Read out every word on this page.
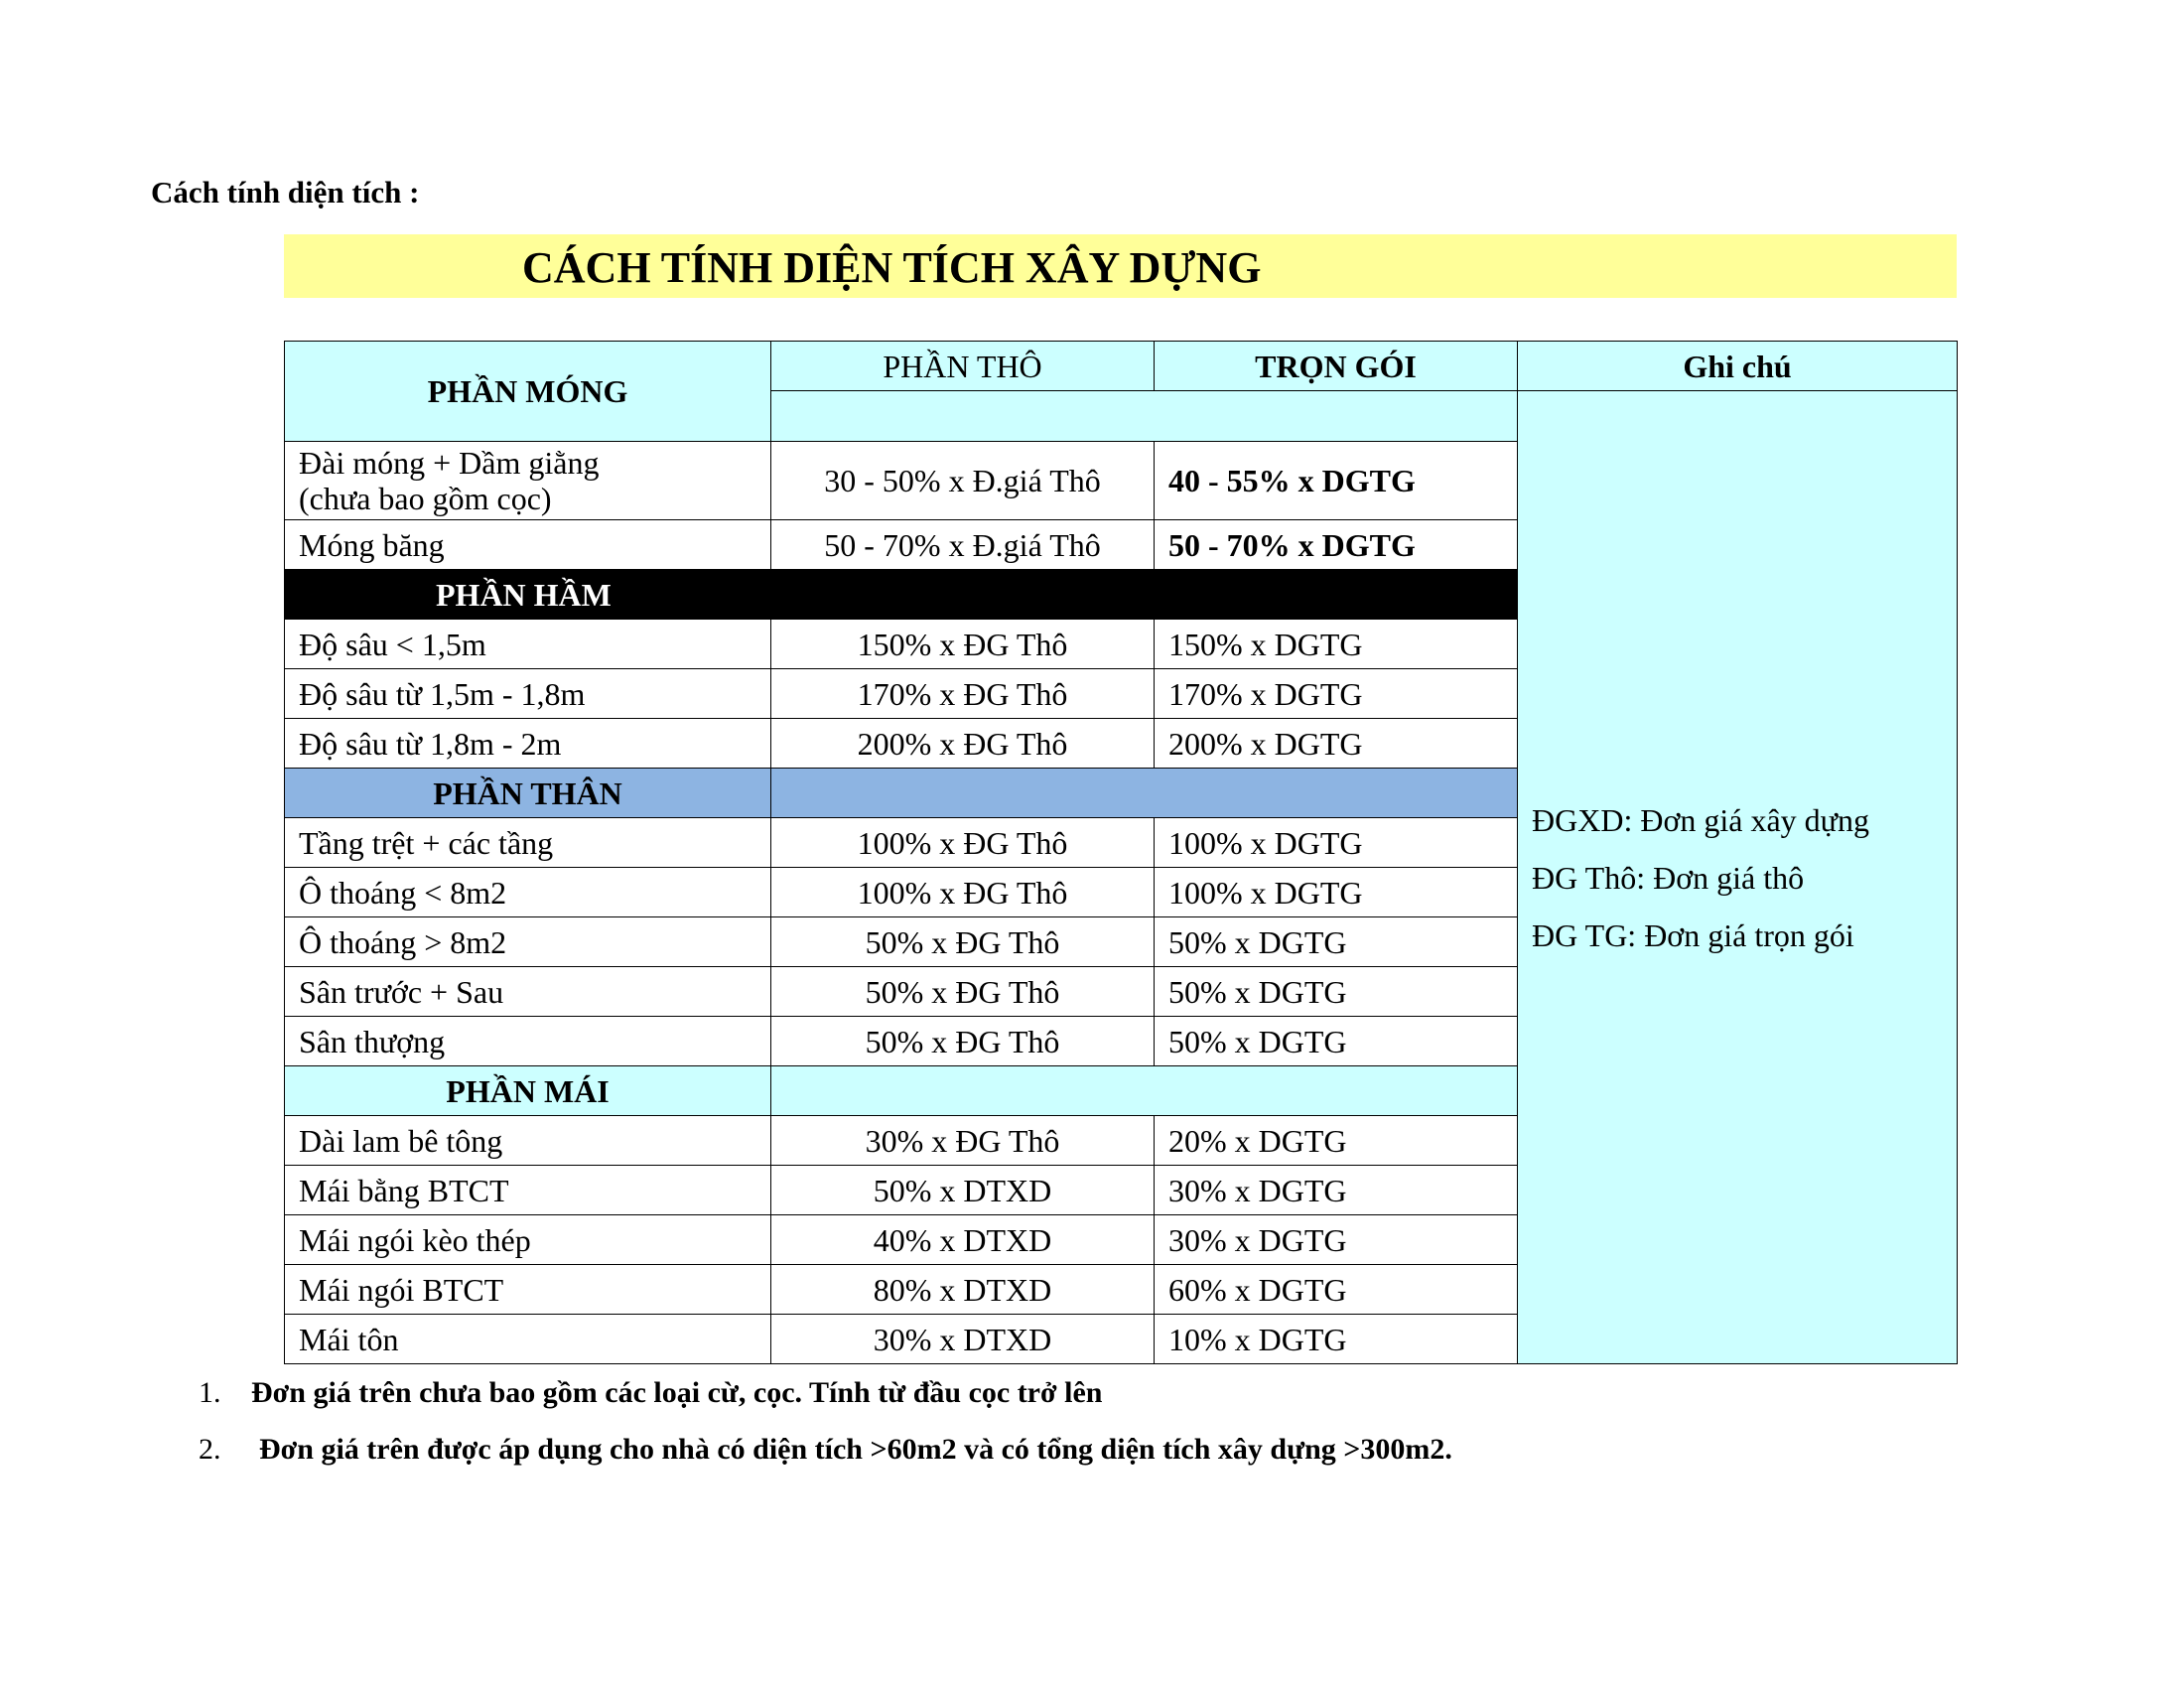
Cách tính diện tích :
CÁCH TÍNH DIỆN TÍCH XÂY DỰNG
PHẦN MÓNG	PHẦN THÔ	TRỌN GÓI	Ghi chú

			ĐGXD: Đơn giá xây dựng
ĐG Thô: Đơn giá thô
ĐG TG: Đơn giá trọn gói

Đài móng + Dầm giằng
(chưa bao gồm cọc)	30 - 50% x Đ.giá Thô	40 - 55% x DGTG	
Móng băng	50 - 70% x Đ.giá Thô	50 - 70% x DGTG	
PHẦN HẦM			
Độ sâu < 1,5m	150% x ĐG Thô	150% x DGTG	
Độ sâu từ 1,5m - 1,8m	170% x ĐG Thô	170% x DGTG	
Độ sâu từ 1,8m - 2m	200% x ĐG Thô	200% x DGTG	
PHẦN THÂN			
Tầng trệt + các tầng	100% x ĐG Thô	100% x DGTG	
Ô thoáng < 8m2	100% x ĐG Thô	100% x DGTG	
Ô thoáng > 8m2	50% x ĐG Thô	50% x DGTG	
Sân trước + Sau	50% x ĐG Thô	50% x DGTG	
Sân thượng	50% x ĐG Thô	50% x DGTG	
PHẦN MÁI			
Dài lam bê tông	30% x ĐG Thô	20% x DGTG	
Mái bằng BTCT	50% x DTXD	30% x DGTG	
Mái ngói kèo thép	40% x DTXD	30% x DGTG	
Mái ngói BTCT	80% x DTXD	60% x DGTG	
Mái tôn	30% x DTXD	10% x DGTG	
1. Đơn giá trên chưa bao gồm các loại cừ, cọc. Tính từ đầu cọc trở lên
2. Đơn giá trên được áp dụng cho nhà có diện tích >60m2 và có tổng diện tích xây dựng >300m2.
